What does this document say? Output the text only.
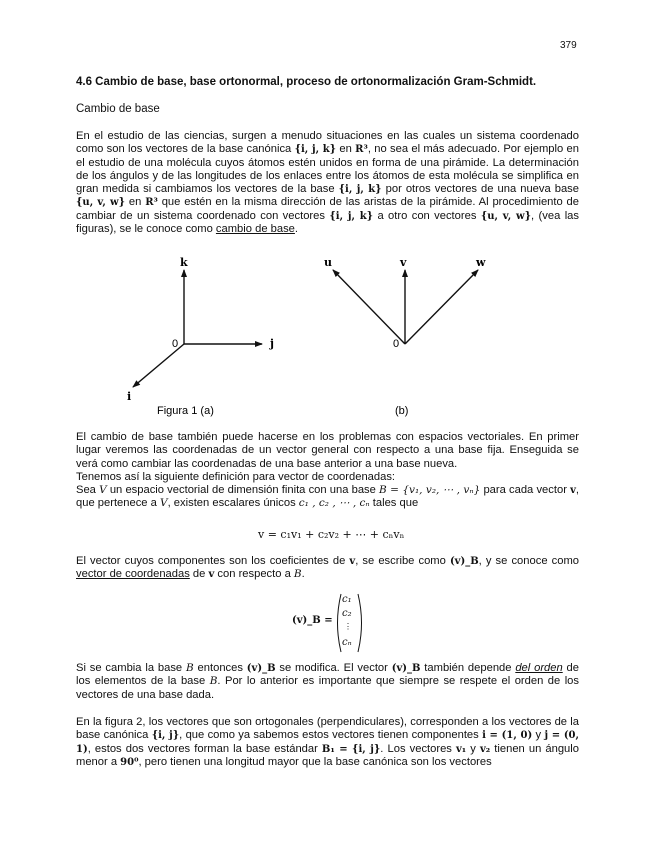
379
4.6 Cambio de base, base ortonormal, proceso de ortonormalización Gram-Schmidt.
Cambio de base

En el estudio de las ciencias, surgen a menudo situaciones en las cuales un sistema coordenado como son los vectores de la base canónica {i, j, k} en R³, no sea el más adecuado. Por ejemplo en el estudio de una molécula cuyos átomos estén unidos en forma de una pirámide. La determinación de los ángulos y de las longitudes de los enlaces entre los átomos de esta molécula se simplifica en gran medida si cambiamos los vectores de la base {i, j, k} por otros vectores de una nueva base {u, v, w} en R³ que estén en la misma dirección de las aristas de la pirámide. Al procedimiento de cambiar de un sistema coordenado con vectores {i, j, k} a otro con vectores {u, v, w}, (vea las figuras), se le conoce como cambio de base.

k
j
i
0
u	v	w
0
Figura 1 (a)	(b)

El cambio de base también puede hacerse en los problemas con espacios vectoriales. En primer lugar veremos las coordenadas de un vector general con respecto a una base fija. Enseguida se verá como cambiar las coordenadas de una base anterior a una base nueva.
Tenemos así la siguiente definición para vector de coordenadas:
Sea V un espacio vectorial de dimensión finita con una base B = {v₁, v₂, ⋯ , vₙ} para cada vector v, que pertenece a V, existen escalares únicos c₁ , c₂ , ⋯ , cₙ tales que

v = c₁v₁ + c₂v₂ + ⋯ + cₙvₙ

El vector cuyos componentes son los coeficientes de v, se escribe como (v)_B, y se conoce como vector de coordenadas de v con respecto a B.

(v)_B =
c₁
c₂
⋮
cₙ

Si se cambia la base B entonces (v)_B se modifica. El vector (v)_B también depende del orden de los elementos de la base B. Por lo anterior es importante que siempre se respete el orden de los vectores de una base dada.

En la figura 2, los vectores que son ortogonales (perpendiculares), corresponden a los vectores de la base canónica {i, j}, que como ya sabemos estos vectores tienen componentes i = (1, 0) y j = (0, 1), estos dos vectores forman la base estándar B₁ = {i, j}. Los vectores v₁ y v₂ tienen un ángulo menor a 90⁰, pero tienen una longitud mayor que la base canónica son los vectores
